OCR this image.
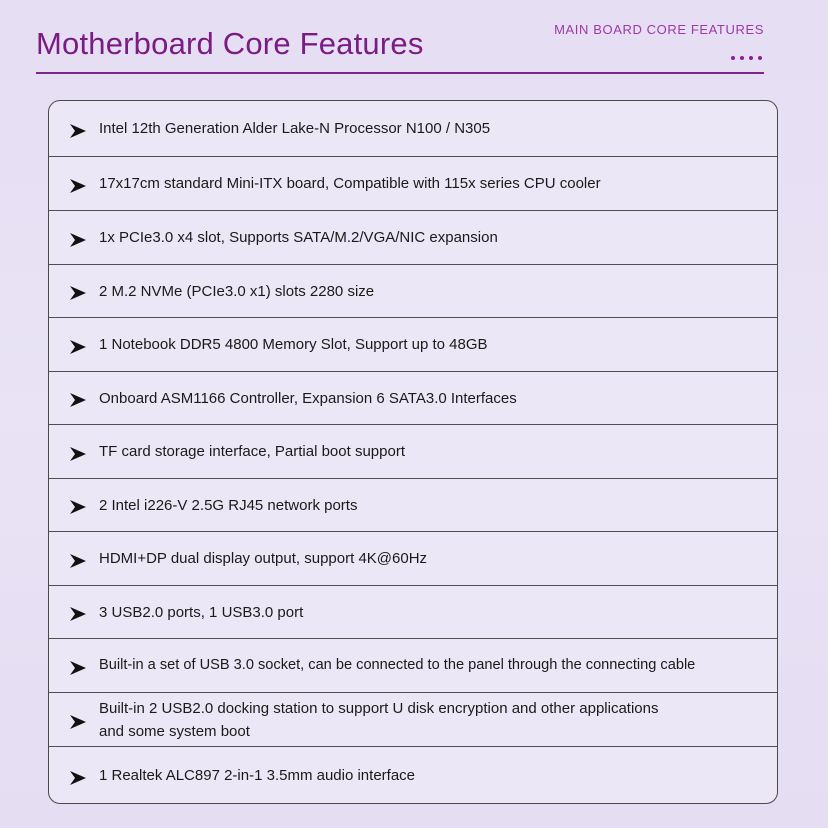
Motherboard Core Features	MAIN BOARD CORE FEATURES
Intel 12th Generation Alder Lake-N Processor N100 / N305
17x17cm standard Mini-ITX board, Compatible with 115x series CPU cooler
1x PCIe3.0 x4 slot, Supports SATA/M.2/VGA/NIC expansion
2 M.2 NVMe (PCIe3.0 x1) slots 2280 size
1 Notebook DDR5 4800 Memory Slot, Support up to 48GB
Onboard ASM1166 Controller, Expansion 6 SATA3.0 Interfaces
TF card storage interface, Partial boot support
2 Intel i226-V 2.5G RJ45 network ports
HDMI+DP dual display output, support 4K@60Hz
3 USB2.0 ports, 1 USB3.0 port
Built-in a set of USB 3.0 socket, can be connected to the panel through the connecting cable
Built-in 2 USB2.0 docking station to support U disk encryption and other applications
and some system boot
1 Realtek ALC897 2-in-1 3.5mm audio interface
